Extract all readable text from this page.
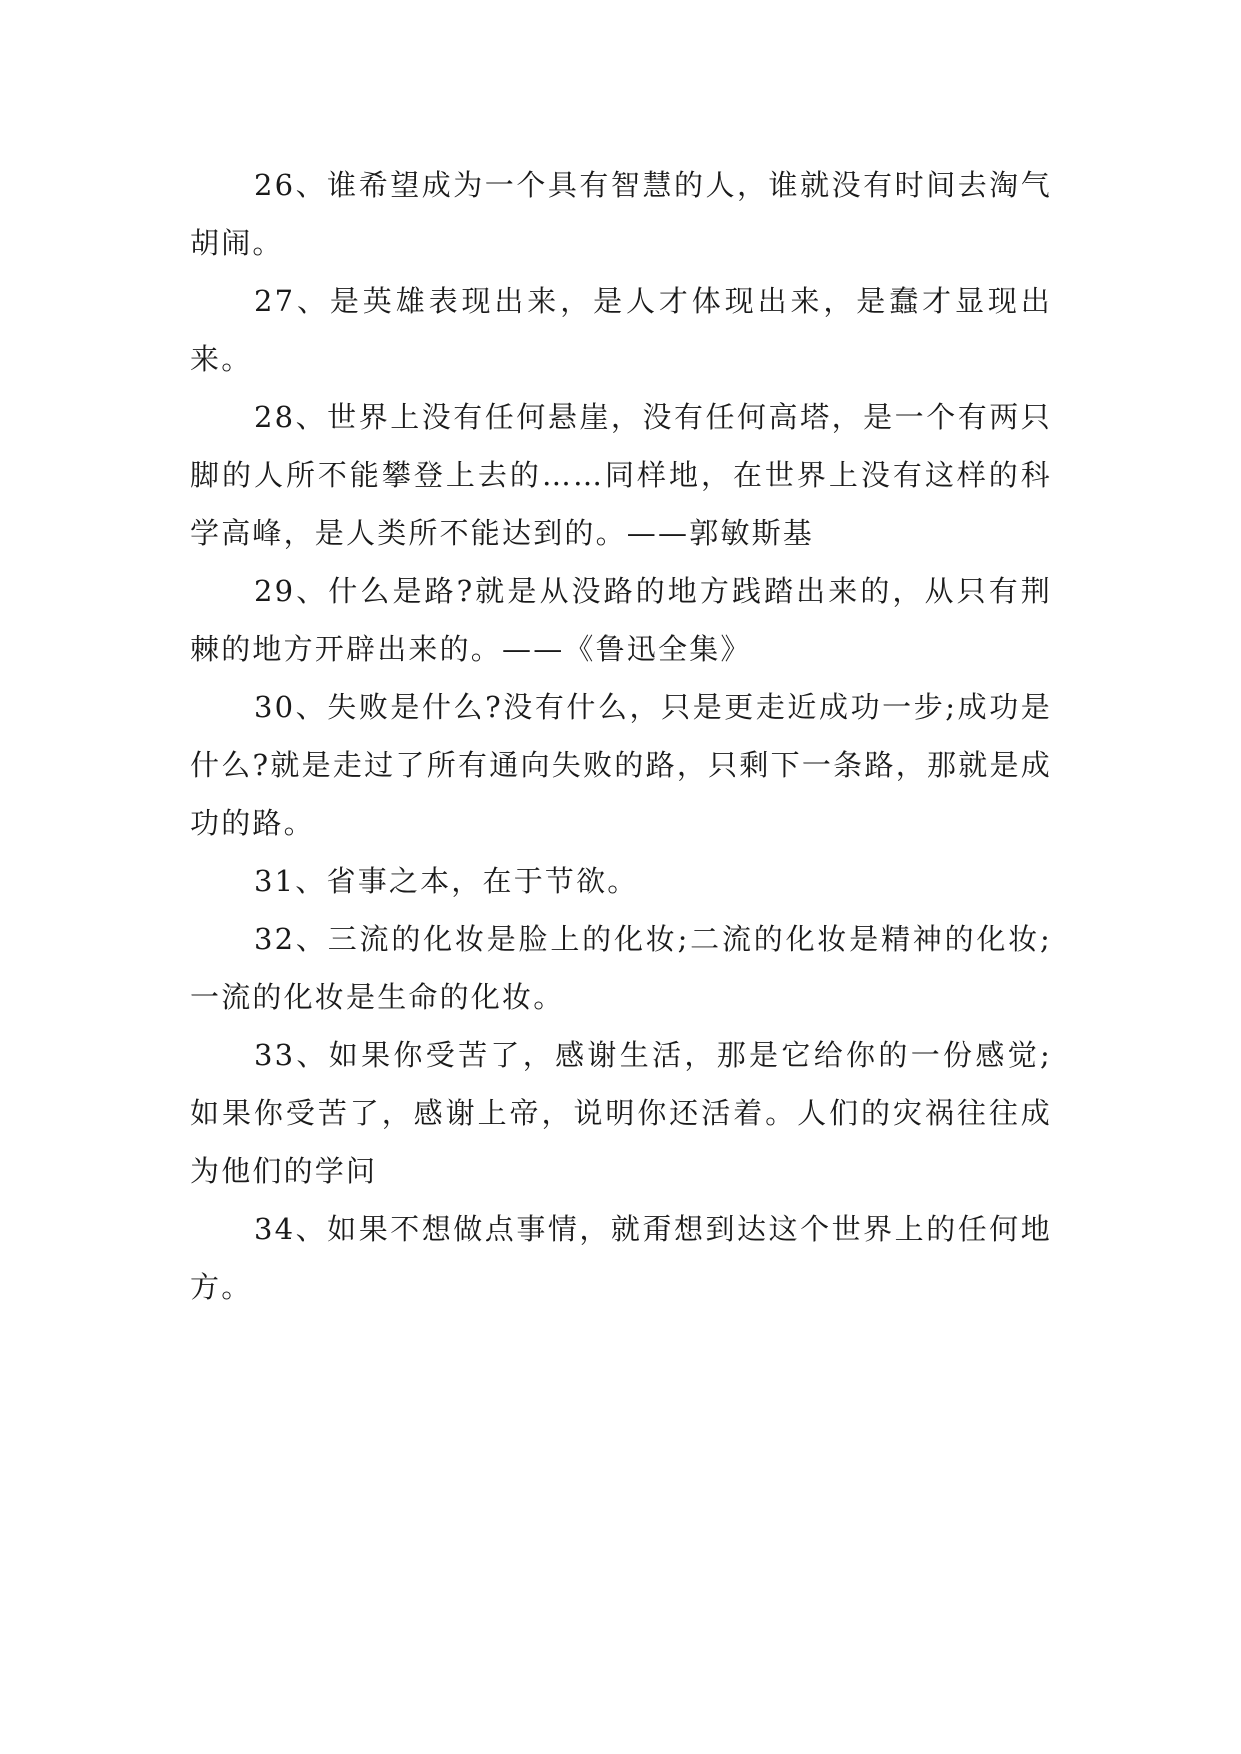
26、谁希望成为一个具有智慧的人，谁就没有时间去淘气胡闹。

27、是英雄表现出来，是人才体现出来，是蠢才显现出来。

28、世界上没有任何悬崖，没有任何高塔，是一个有两只脚的人所不能攀登上去的……同样地，在世界上没有这样的科学高峰，是人类所不能达到的。——郭敏斯基

29、什么是路?就是从没路的地方践踏出来的，从只有荆棘的地方开辟出来的。——《鲁迅全集》

30、失败是什么?没有什么，只是更走近成功一步;成功是什么?就是走过了所有通向失败的路，只剩下一条路，那就是成功的路。

31、省事之本，在于节欲。

32、三流的化妆是脸上的化妆;二流的化妆是精神的化妆;一流的化妆是生命的化妆。

33、如果你受苦了，感谢生活，那是它给你的一份感觉;如果你受苦了，感谢上帝，说明你还活着。人们的灾祸往往成为他们的学问

34、如果不想做点事情，就甭想到达这个世界上的任何地方。
